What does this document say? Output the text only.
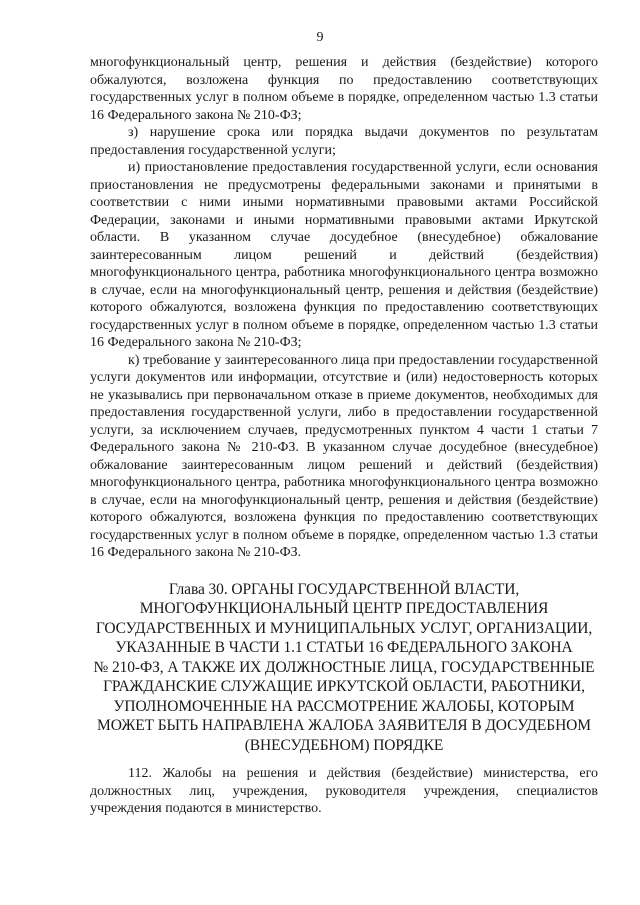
9

многофункциональный центр, решения и действия (бездействие) которого обжалуются, возложена функция по предоставлению соответствующих государственных услуг в полном объеме в порядке, определенном частью 1.3 статьи 16 Федерального закона № 210-ФЗ;

з) нарушение срока или порядка выдачи документов по результатам предоставления государственной услуги;

и) приостановление предоставления государственной услуги, если основания приостановления не предусмотрены федеральными законами и принятыми в соответствии с ними иными нормативными правовыми актами Российской Федерации, законами и иными нормативными правовыми актами Иркутской области. В указанном случае досудебное (внесудебное) обжалование заинтересованным лицом решений и действий (бездействия) многофункционального центра, работника многофункционального центра возможно в случае, если на многофункциональный центр, решения и действия (бездействие) которого обжалуются, возложена функция по предоставлению соответствующих государственных услуг в полном объеме в порядке, определенном частью 1.3 статьи 16 Федерального закона № 210-ФЗ;

к) требование у заинтересованного лица при предоставлении государственной услуги документов или информации, отсутствие и (или) недостоверность которых не указывались при первоначальном отказе в приеме документов, необходимых для предоставления государственной услуги, либо в предоставлении государственной услуги, за исключением случаев, предусмотренных пунктом 4 части 1 статьи 7 Федерального закона № 210-ФЗ. В указанном случае досудебное (внесудебное) обжалование заинтересованным лицом решений и действий (бездействия) многофункционального центра, работника многофункционального центра возможно в случае, если на многофункциональный центр, решения и действия (бездействие) которого обжалуются, возложена функция по предоставлению соответствующих государственных услуг в полном объеме в порядке, определенном частью 1.3 статьи 16 Федерального закона № 210-ФЗ.

Глава 30. ОРГАНЫ ГОСУДАРСТВЕННОЙ ВЛАСТИ,
МНОГОФУНКЦИОНАЛЬНЫЙ ЦЕНТР ПРЕДОСТАВЛЕНИЯ
ГОСУДАРСТВЕННЫХ И МУНИЦИПАЛЬНЫХ УСЛУГ, ОРГАНИЗАЦИИ,
УКАЗАННЫЕ В ЧАСТИ 1.1 СТАТЬИ 16 ФЕДЕРАЛЬНОГО ЗАКОНА
№ 210-ФЗ, А ТАКЖЕ ИХ ДОЛЖНОСТНЫЕ ЛИЦА, ГОСУДАРСТВЕННЫЕ
ГРАЖДАНСКИЕ СЛУЖАЩИЕ ИРКУТСКОЙ ОБЛАСТИ, РАБОТНИКИ,
УПОЛНОМОЧЕННЫЕ НА РАССМОТРЕНИЕ ЖАЛОБЫ, КОТОРЫМ
МОЖЕТ БЫТЬ НАПРАВЛЕНА ЖАЛОБА ЗАЯВИТЕЛЯ В ДОСУДЕБНОМ
(ВНЕСУДЕБНОМ) ПОРЯДКЕ

112. Жалобы на решения и действия (бездействие) министерства, его должностных лиц, учреждения, руководителя учреждения, специалистов учреждения подаются в министерство.
